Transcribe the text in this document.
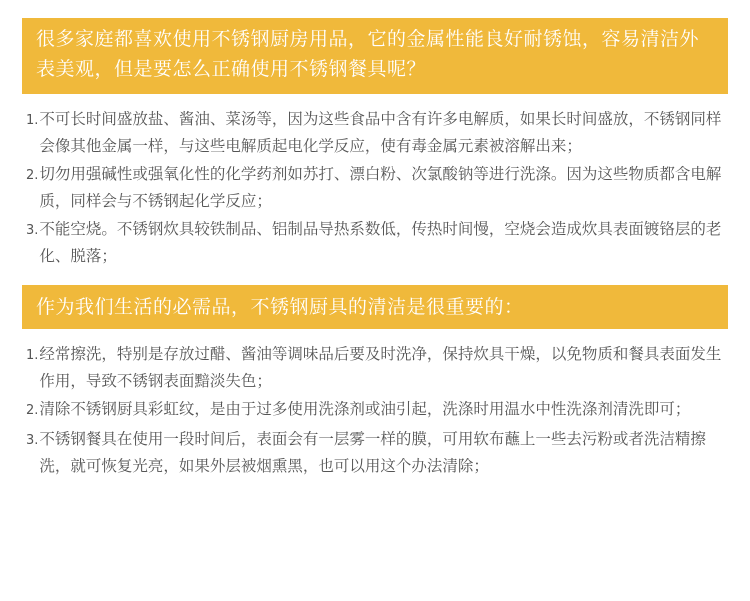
很多家庭都喜欢使用不锈钢厨房用品，它的金属性能良好耐锈蚀，容易清洁外表美观，但是要怎么正确使用不锈钢餐具呢？
1. 不可长时间盛放盐、酱油、菜汤等，因为这些食品中含有许多电解质，如果长时间盛放，不锈钢同样会像其他金属一样，与这些电解质起电化学反应，使有毒金属元素被溶解出来；
2. 切勿用强碱性或强氧化性的化学药剂如苏打、漂白粉、次氯酸钠等进行洗涤。因为这些物质都含电解质，同样会与不锈钢起化学反应；
3. 不能空烧。不锈钢炊具较铁制品、铝制品导热系数低，传热时间慢，空烧会造成炊具表面镀铬层的老化、脱落；
作为我们生活的必需品，不锈钢厨具的清洁是很重要的：
1. 经常擦洗，特别是存放过醋、酱油等调味品后要及时洗净，保持炊具干燥，以免物质和餐具表面发生作用，导致不锈钢表面黯淡失色；
2. 清除不锈钢厨具彩虹纹，是由于过多使用洗涤剂或油引起，洗涤时用温水中性洗涤剂清洗即可；
3. 不锈钢餐具在使用一段时间后，表面会有一层雾一样的膜，可用软布蘸上一些去污粉或者洗洁精擦洗，就可恢复光亮，如果外层被烟熏黑，也可以用这个办法清除；
